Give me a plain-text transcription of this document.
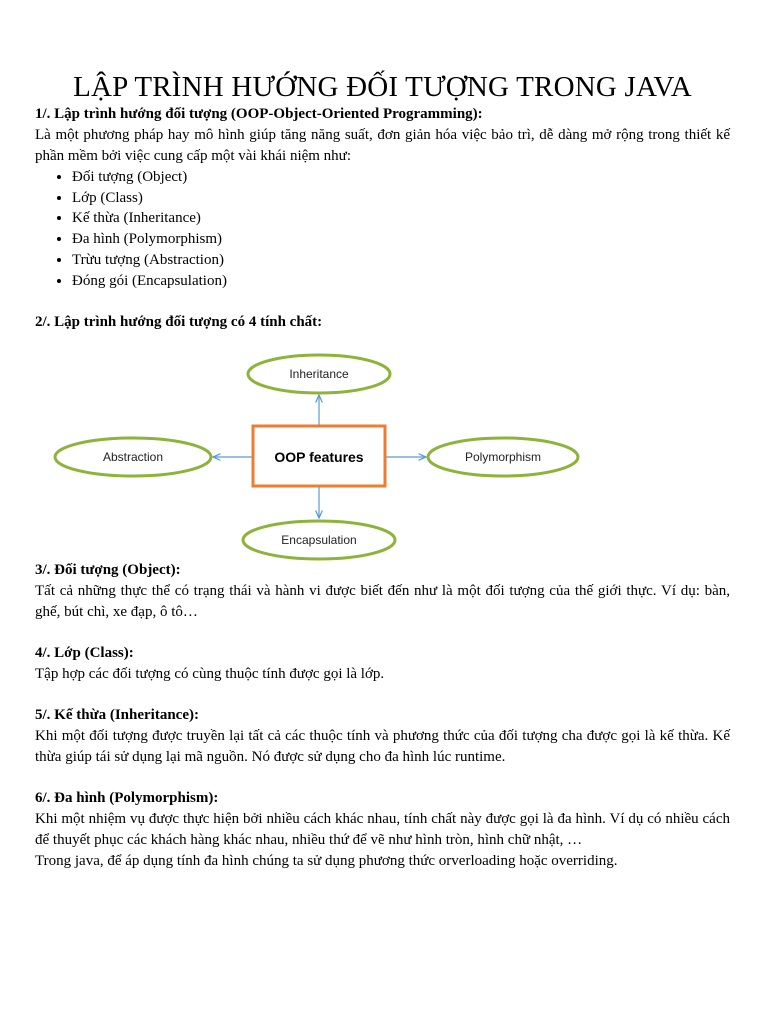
LẬP TRÌNH HƯỚNG ĐỐI TƯỢNG TRONG JAVA

1/. Lập trình hướng đối tượng (OOP-Object-Oriented Programming):

Là một phương pháp hay mô hình giúp tăng năng suất, đơn giản hóa việc bảo trì, dễ dàng mở rộng trong thiết kế phần mềm bởi việc cung cấp một vài khái niệm như:

• Đối tượng (Object)
• Lớp (Class)
• Kế thừa (Inheritance)
• Đa hình (Polymorphism)
• Trừu tượng (Abstraction)
• Đóng gói (Encapsulation)

2/. Lập trình hướng đối tượng có 4 tính chất:

3/. Đối tượng (Object):

Tất cả những thực thể có trạng thái và hành vi được biết đến như là một đối tượng của thế giới thực. Ví dụ: bàn, ghế, bút chì, xe đạp, ô tô…

4/. Lớp (Class):

Tập hợp các đối tượng có cùng thuộc tính được gọi là lớp.

5/. Kế thừa (Inheritance):

Khi một đối tượng được truyền lại tất cả các thuộc tính và phương thức của đối tượng cha được gọi là kế thừa. Kế thừa giúp tái sử dụng lại mã nguồn. Nó được sử dụng cho đa hình lúc runtime.

6/. Đa hình (Polymorphism):

Khi một nhiệm vụ được thực hiện bởi nhiều cách khác nhau, tính chất này được gọi là đa hình. Ví dụ có nhiều cách để thuyết phục các khách hàng khác nhau, nhiều thứ để vẽ như hình tròn, hình chữ nhật, …

Trong java, để áp dụng tính đa hình chúng ta sử dụng phương thức orverloading hoặc overriding.

OOP features
Inheritance
Abstraction	Polymorphism
Encapsulation
